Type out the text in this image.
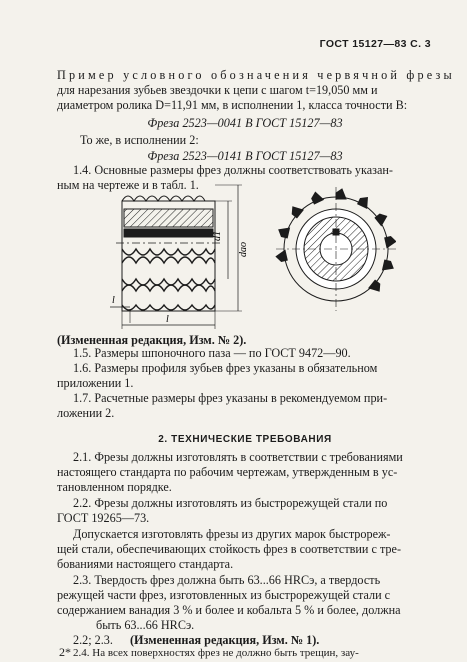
ГОСТ 15127—83 С. 3
Пример условного обозначения червячной фрезы
для нарезания зубьев звездочки к цепи с шагом t=19,050 мм и
диаметром ролика D=11,91 мм, в исполнении 1, класса точности B:
Фреза 2523—0041 В ГОСТ 15127—83
То же, в исполнении 2:
Фреза 2523—0141 В ГОСТ 15127—83
1.4. Основные размеры фрез должны соответствовать указан-
ным на чертеже и в табл. 1.
d1
dao
l
l
(Измененная редакция, Изм. № 2).
1.5. Размеры шпоночного паза — по ГОСТ 9472—90.
1.6. Размеры профиля зубьев фрез указаны в обязательном
приложении 1.
1.7. Расчетные размеры фрез указаны в рекомендуемом при-
ложении 2.
2. ТЕХНИЧЕСКИЕ ТРЕБОВАНИЯ
2.1. Фрезы должны изготовлять в соответствии с требованиями
настоящего стандарта по рабочим чертежам, утвержденным в ус-
тановленном порядке.
2.2. Фрезы должны изготовлять из быстрорежущей стали по
ГОСТ 19265—73.
Допускается изготовлять фрезы из других марок быстрореж-
щей стали, обеспечивающих стойкость фрез в соответствии с тре-
бованиями настоящего стандарта.
2.3. Твердость фрез должна быть 63...66 HRCэ, а твердость
режущей части фрез, изготовленных из быстрорежущей стали с
содержанием ванадия 3 % и более и кобальта 5 % и более, должна
быть 63...66 HRCэ.
2.2; 2.3. (Измененная редакция, Изм. № 1).
2.4. На всех поверхностях фрез не должно быть трещин, зау-
2*
